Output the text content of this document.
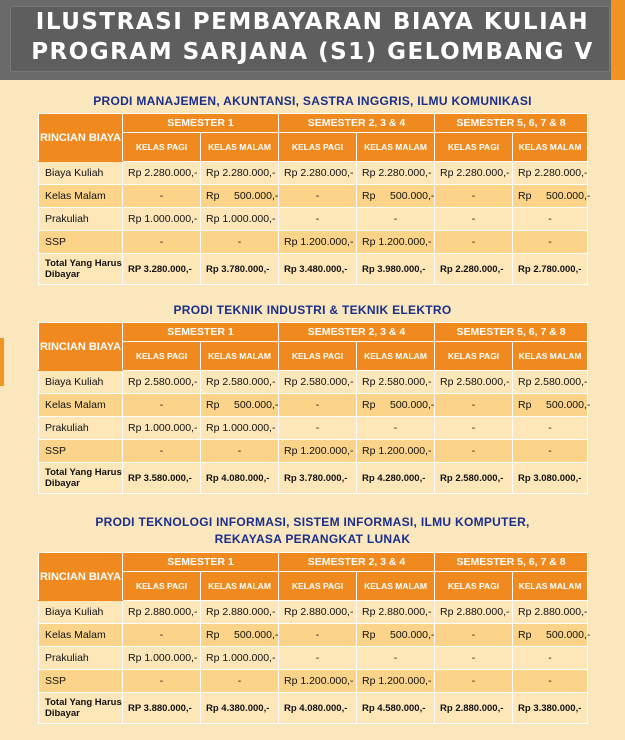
ILUSTRASI PEMBAYARAN BIAYA KULIAH
PROGRAM SARJANA (S1) GELOMBANG V
PRODI MANAJEMEN, AKUNTANSI, SASTRA INGGRIS, ILMU KOMUNIKASI
RINCIAN BIAYA	SEMESTER 1		SEMESTER 2, 3 & 4		SEMESTER 5, 6, 7 & 8	
	KELAS PAGI	KELAS MALAM	KELAS PAGI	KELAS MALAM	KELAS PAGI	KELAS MALAM
Biaya Kuliah	Rp 2.280.000,-	Rp 2.280.000,-	Rp 2.280.000,-	Rp 2.280.000,-	Rp 2.280.000,-	Rp 2.280.000,-
Kelas Malam	-	Rp     500.000,-	-	Rp     500.000,-	-	Rp     500.000,-
Prakuliah	Rp 1.000.000,-	Rp 1.000.000,-	-	-	-	-
SSP	-	-	Rp 1.200.000,-	Rp 1.200.000,-	-	-
Total Yang Harus Dibayar	RP 3.280.000,-	Rp 3.780.000,-	Rp 3.480.000,-	Rp 3.980.000,-	Rp 2.280.000,-	Rp 2.780.000,-
PRODI TEKNIK INDUSTRI & TEKNIK ELEKTRO
RINCIAN BIAYA	SEMESTER 1		SEMESTER 2, 3 & 4		SEMESTER 5, 6, 7 & 8	
	KELAS PAGI	KELAS MALAM	KELAS PAGI	KELAS MALAM	KELAS PAGI	KELAS MALAM
Biaya Kuliah	Rp 2.580.000,-	Rp 2.580.000,-	Rp 2.580.000,-	Rp 2.580.000,-	Rp 2.580.000,-	Rp 2.580.000,-
Kelas Malam	-	Rp     500.000,-	-	Rp     500.000,-	-	Rp     500.000,-
Prakuliah	Rp 1.000.000,-	Rp 1.000.000,-	-	-	-	-
SSP	-	-	Rp 1.200.000,-	Rp 1.200.000,-	-	-
Total Yang Harus Dibayar	RP 3.580.000,-	Rp 4.080.000,-	Rp 3.780.000,-	Rp 4.280.000,-	Rp 2.580.000,-	Rp 3.080.000,-
PRODI TEKNOLOGI INFORMASI, SISTEM INFORMASI, ILMU KOMPUTER,
REKAYASA PERANGKAT LUNAK
RINCIAN BIAYA	SEMESTER 1		SEMESTER 2, 3 & 4		SEMESTER 5, 6, 7 & 8	
	KELAS PAGI	KELAS MALAM	KELAS PAGI	KELAS MALAM	KELAS PAGI	KELAS MALAM
Biaya Kuliah	Rp 2.880.000,-	Rp 2.880.000,-	Rp 2.880.000,-	Rp 2.880.000,-	Rp 2.880.000,-	Rp 2.880.000,-
Kelas Malam	-	Rp     500.000,-	-	Rp     500.000,-	-	Rp     500.000,-
Prakuliah	Rp 1.000.000,-	Rp 1.000.000,-	-	-	-	-
SSP	-	-	Rp 1.200.000,-	Rp 1.200.000,-	-	-
Total Yang Harus Dibayar	RP 3.880.000,-	Rp 4.380.000,-	Rp 4.080.000,-	Rp 4.580.000,-	Rp 2.880.000,-	Rp 3.380.000,-
